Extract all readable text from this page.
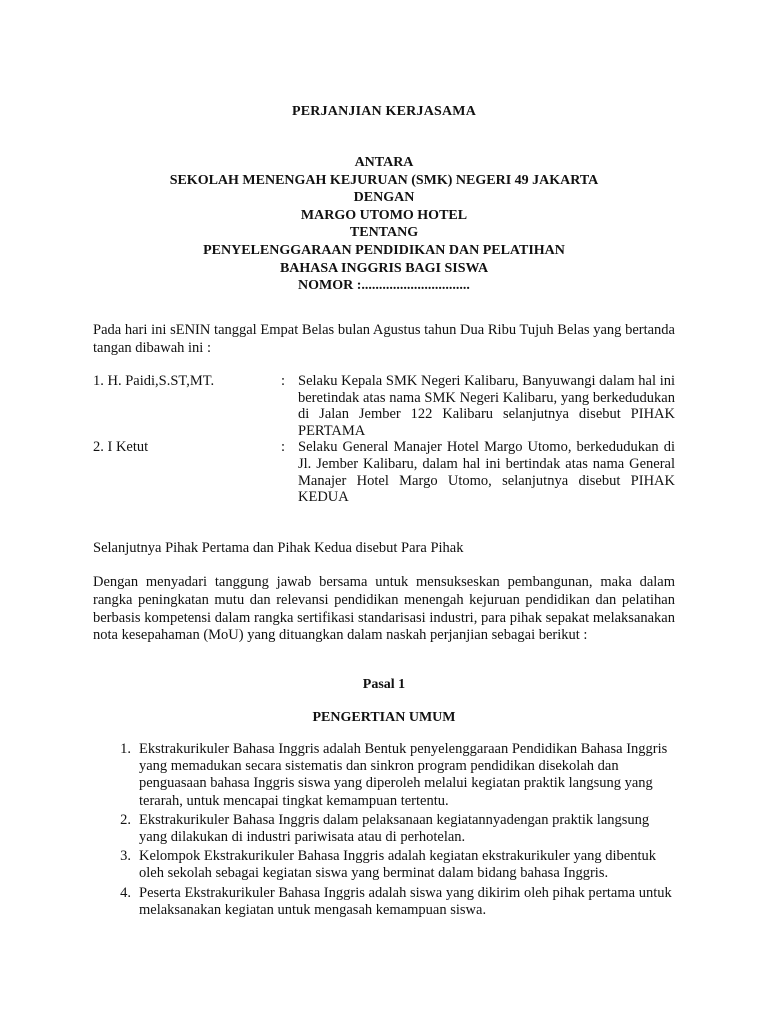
PERJANJIAN KERJASAMA
ANTARA
SEKOLAH MENENGAH KEJURUAN (SMK) NEGERI 49 JAKARTA
DENGAN
MARGO UTOMO HOTEL
TENTANG
PENYELENGGARAAN PENDIDIKAN DAN PELATIHAN
BAHASA INGGRIS BAGI SISWA
NOMOR :...............................
Pada hari ini sENIN tanggal Empat Belas bulan Agustus tahun Dua Ribu Tujuh Belas yang bertanda tangan dibawah ini :
1. H. Paidi,S.ST,MT.	: Selaku Kepala SMK Negeri Kalibaru, Banyuwangi dalam hal ini beretindak atas nama SMK Negeri Kalibaru, yang berkedudukan di Jalan Jember 122 Kalibaru selanjutnya disebut PIHAK PERTAMA
2. I Ketut	: Selaku General Manajer Hotel Margo Utomo, berkedudukan di Jl. Jember Kalibaru, dalam hal ini bertindak atas nama General Manajer Hotel Margo Utomo, selanjutnya disebut PIHAK KEDUA
Selanjutnya Pihak Pertama dan Pihak Kedua disebut Para Pihak
Dengan menyadari tanggung jawab bersama untuk mensukseskan pembangunan, maka dalam rangka peningkatan mutu dan relevansi pendidikan menengah kejuruan pendidikan dan pelatihan berbasis kompetensi dalam rangka sertifikasi standarisasi industri, para pihak sepakat melaksanakan nota kesepahaman (MoU) yang dituangkan dalam naskah perjanjian sebagai berikut :
Pasal 1
PENGERTIAN UMUM
1. Ekstrakurikuler Bahasa Inggris adalah Bentuk penyelenggaraan Pendidikan Bahasa Inggris yang memadukan secara sistematis dan sinkron program pendidikan disekolah dan penguasaan bahasa Inggris siswa yang diperoleh melalui kegiatan praktik langsung yang terarah, untuk mencapai tingkat kemampuan tertentu.
2. Ekstrakurikuler Bahasa Inggris dalam pelaksanaan kegiatannyadengan praktik langsung yang dilakukan di industri pariwisata atau di perhotelan.
3. Kelompok Ekstrakurikuler Bahasa Inggris adalah kegiatan ekstrakurikuler yang dibentuk oleh sekolah sebagai kegiatan siswa yang berminat dalam bidang bahasa Inggris.
4. Peserta Ekstrakurikuler Bahasa Inggris adalah siswa yang dikirim oleh pihak pertama untuk melaksanakan kegiatan untuk mengasah kemampuan siswa.
